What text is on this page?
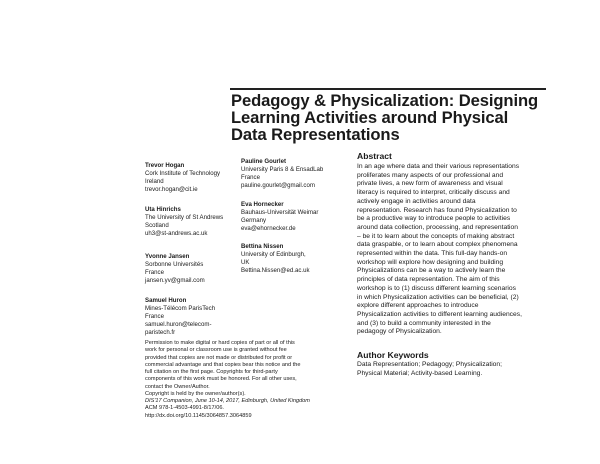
Pedagogy & Physicalization: Designing
Learning Activities around Physical
Data Representations
Trevor Hogan
Cork Institute of Technology
Ireland
trevor.hogan@cit.ie
Uta Hinrichs
The University of St Andrews
Scotland
uh3@st-andrews.ac.uk
Yvonne Jansen
Sorbonne Universités
France
jansen.yv@gmail.com
Samuel Huron
Mines-Télécom ParisTech
France
samuel.huron@telecom-
paristech.fr
Pauline Gourlet
University Paris 8 & EnsadLab
France
pauline.gourlet@gmail.com
Eva Hornecker
Bauhaus-Universität Weimar
Germany
eva@ehornecker.de
Bettina Nissen
University of Edinburgh,
UK
Bettina.Nissen@ed.ac.uk
Abstract
In an age where data and their various representations
proliferates many aspects of our professional and
private lives, a new form of awareness and visual
literacy is required to interpret, critically discuss and
actively engage in activities around data
representation. Research has found Physicalization to
be a productive way to introduce people to activities
around data collection, processing, and representation
– be it to learn about the concepts of making abstract
data graspable, or to learn about complex phenomena
represented within the data. This full-day hands-on
workshop will explore how designing and building
Physicalizations can be a way to actively learn the
principles of data representation. The aim of this
workshop is to (1) discuss different learning scenarios
in which Physicalization activities can be beneficial, (2)
explore different approaches to introduce
Physicalization activities to different learning audiences,
and (3) to build a community interested in the
pedagogy of Physicalization.
Author Keywords
Data Representation; Pedagogy; Physicalization;
Physical Material; Activity-based Learning.
Permission to make digital or hard copies of part or all of this
work for personal or classroom use is granted without fee
provided that copies are not made or distributed for profit or
commercial advantage and that copies bear this notice and the
full citation on the first page. Copyrights for third-party
components of this work must be honored. For all other uses,
contact the Owner/Author.
Copyright is held by the owner/author(s).
DIS'17 Companion, June 10-14, 2017, Edinburgh, United Kingdom
ACM 978-1-4503-4991-8/17/06.
http://dx.doi.org/10.1145/3064857.3064859
